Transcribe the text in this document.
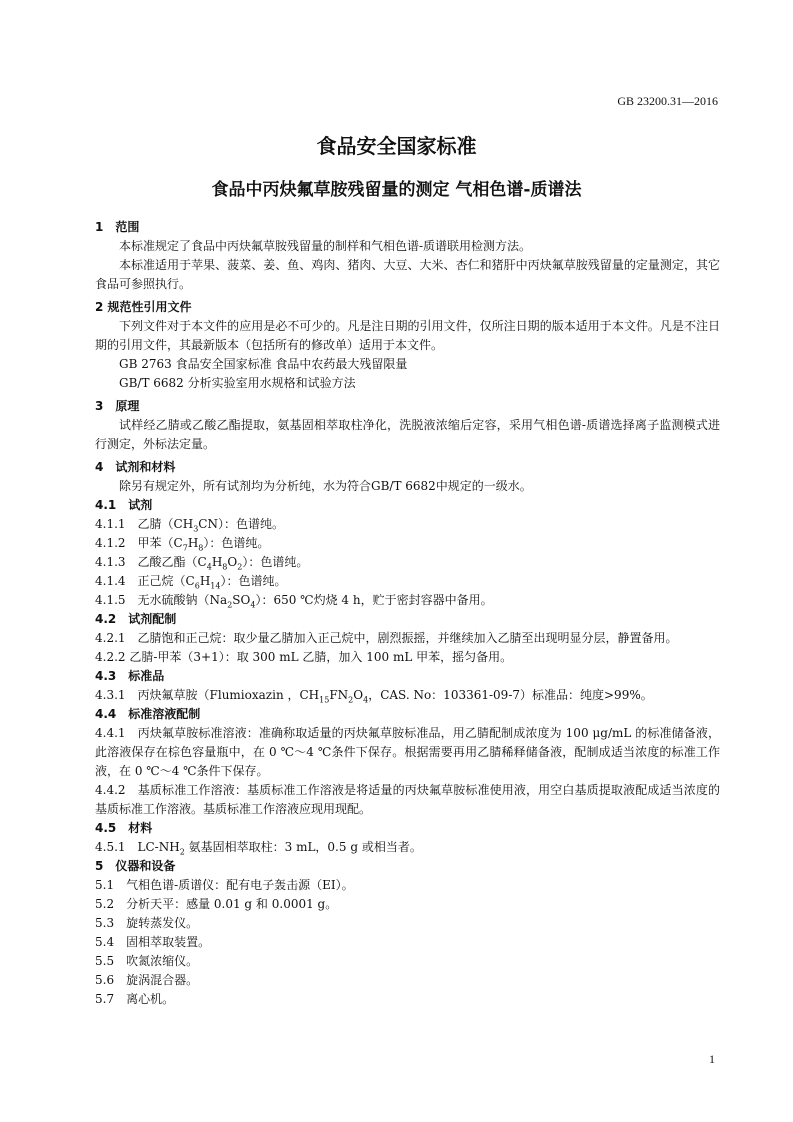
GB 23200.31—2016
食品安全国家标准
食品中丙炔氟草胺残留量的测定 气相色谱-质谱法

1　范围

本标准规定了食品中丙炔氟草胺残留量的制样和气相色谱-质谱联用检测方法。

本标准适用于苹果、菠菜、姜、鱼、鸡肉、猪肉、大豆、大米、杏仁和猪肝中丙炔氟草胺残留量的定量测定，其它食品可参照执行。

2 规范性引用文件

下列文件对于本文件的应用是必不可少的。凡是注日期的引用文件，仅所注日期的版本适用于本文件。凡是不注日期的引用文件，其最新版本（包括所有的修改单）适用于本文件。

GB 2763 食品安全国家标准 食品中农药最大残留限量

GB/T 6682 分析实验室用水规格和试验方法

3　原理

试样经乙腈或乙酸乙酯提取，氨基固相萃取柱净化，洗脱液浓缩后定容，采用气相色谱-质谱选择离子监测模式进行测定，外标法定量。

4　试剂和材料

除另有规定外，所有试剂均为分析纯，水为符合GB/T 6682中规定的一级水。

4.1　试剂

4.1.1　乙腈$(CH_3CN)$：色谱纯。

4.1.2　甲苯$(C_7H_8)$：色谱纯。

4.1.3　乙酸乙酯$(C_4H_8O_2)$：色谱纯。

4.1.4　正己烷$(C_6H_{14})$：色谱纯。

4.1.5　无水硫酸钠$(Na_2SO_4)$：650 ℃灼烧 4 h，贮于密封容器中备用。

4.2　试剂配制

4.2.1　乙腈饱和正己烷：取少量乙腈加入正己烷中，剧烈振摇，并继续加入乙腈至出现明显分层，静置备用。

4.2.2 乙腈-甲苯（3+1）：取 300 mL 乙腈，加入 100 mL 甲苯，摇匀备用。

4.3　标准品

4.3.1　丙炔氟草胺（Flumioxazin ，$CH_{15}FN_2O_4$，CAS. No：103361-09-7）标准品：纯度>99%。

4.4　标准溶液配制

4.4.1　丙炔氟草胺标准溶液：准确称取适量的丙炔氟草胺标准品，用乙腈配制成浓度为 100 μg/mL 的标准储备液，此溶液保存在棕色容量瓶中，在 0 ℃～4 ℃条件下保存。根据需要再用乙腈稀释储备液，配制成适当浓度的标准工作液，在 0 ℃～4 ℃条件下保存。

4.4.2　基质标准工作溶液：基质标准工作溶液是将适量的丙炔氟草胺标准使用液，用空白基质提取液配成适当浓度的基质标准工作溶液。基质标准工作溶液应现用现配。

4.5　材料

4.5.1　$LC-NH_2$ 氨基固相萃取柱：3 mL，0.5 g 或相当者。

5　仪器和设备

5.1　气相色谱-质谱仪：配有电子轰击源（EI）。

5.2　分析天平：感量 0.01 g 和 0.0001 g。

5.3　旋转蒸发仪。

5.4　固相萃取装置。

5.5　吹氮浓缩仪。

5.6　旋涡混合器。

5.7　离心机。

1
